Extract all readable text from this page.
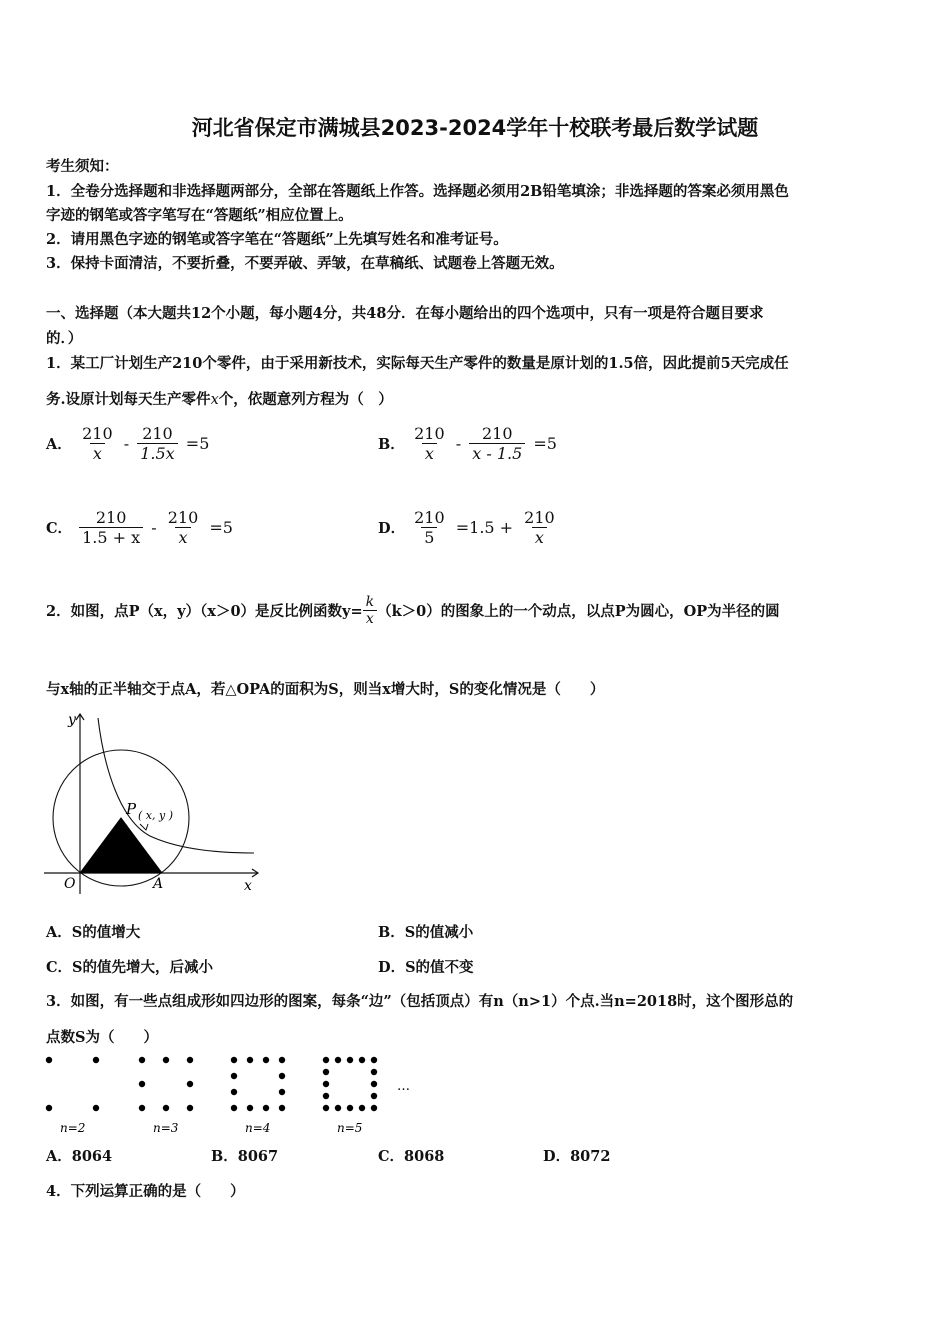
河北省保定市满城县2023-2024学年十校联考最后数学试题
考生须知：
1．全卷分选择题和非选择题两部分，全部在答题纸上作答。选择题必须用2B铅笔填涂；非选择题的答案必须用黑色
字迹的钢笔或答字笔写在“答题纸”相应位置上。
2．请用黑色字迹的钢笔或答字笔在“答题纸”上先填写姓名和准考证号。
3．保持卡面清洁，不要折叠，不要弄破、弄皱，在草稿纸、试题卷上答题无效。
一、选择题（本大题共12个小题，每小题4分，共48分．在每小题给出的四个选项中，只有一项是符合题目要求
的．）
1．某工厂计划生产210个零件，由于采用新技术，实际每天生产零件的数量是原计划的1.5倍，因此提前5天完成任
务.设原计划每天生产零件x个，依题意列方程为（　）
A． $\frac{210}{x} - \frac{210}{1.5x} =5$	B． $\frac{210}{x} - \frac{210}{x - 1.5} =5$
C． $\frac{210}{1.5 + x} - \frac{210}{x} =5$	D． $\frac{210}{5} =1.5 + \frac{210}{x}$
2．如图，点P（x，y）（x＞0）是反比例函数$y= \frac{k}{x} (k>0)$的图象上的一个动点，以点P为圆心，OP为半径的圆
与x轴的正半轴交于点A，若△OPA的面积为S，则当x增大时，S的变化情况是（　　）
y
x
O	A
P ( x, y )
A．S的值增大	B．S的值减小
C．S的值先增大，后减小	D．S的值不变
3．如图，有一些点组成形如四边形的图案，每条“边”（包括顶点）有n（n>1）个点.当n=2018时，这个图形总的
点数S为（　　）
…
n=2	n=3	n=4	n=5
A．8064	B．8067	C．8068	D．8072
4．下列运算正确的是（　　）
